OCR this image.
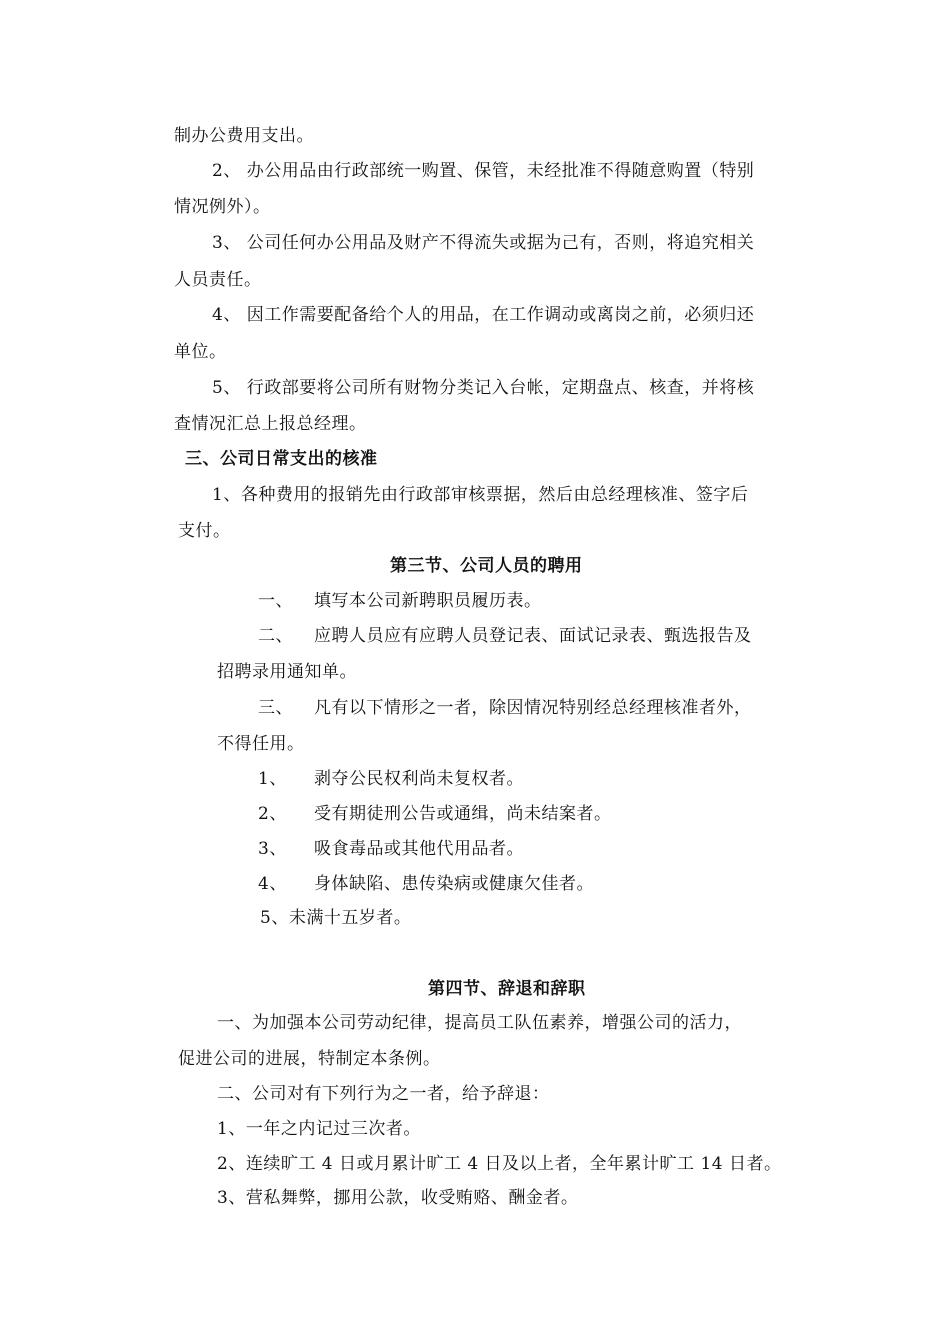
制办公费用支出。
2、 办公用品由行政部统一购置、保管，未经批准不得随意购置（特别
情况例外）。
3、 公司任何办公用品及财产不得流失或据为己有，否则，将追究相关
人员责任。
4、 因工作需要配备给个人的用品，在工作调动或离岗之前，必须归还
单位。
5、 行政部要将公司所有财物分类记入台帐，定期盘点、核查，并将核
查情况汇总上报总经理。
三、公司日常支出的核准
1、各种费用的报销先由行政部审核票据，然后由总经理核准、签字后
支付。
第三节、公司人员的聘用
一、 填写本公司新聘职员履历表。
二、 应聘人员应有应聘人员登记表、面试记录表、甄选报告及
招聘录用通知单。
三、 凡有以下情形之一者，除因情况特别经总经理核准者外，
不得任用。
1、 剥夺公民权利尚未复权者。
2、 受有期徒刑公告或通缉，尚未结案者。
3、 吸食毒品或其他代用品者。
4、 身体缺陷、患传染病或健康欠佳者。
5、未满十五岁者。
第四节、辞退和辞职
一、为加强本公司劳动纪律，提高员工队伍素养，增强公司的活力，
促进公司的进展，特制定本条例。
二、公司对有下列行为之一者，给予辞退：
1、一年之内记过三次者。
2、连续旷工 4 日或月累计旷工 4 日及以上者，全年累计旷工 14 日者。
3、营私舞弊，挪用公款，收受贿赂、酬金者。
